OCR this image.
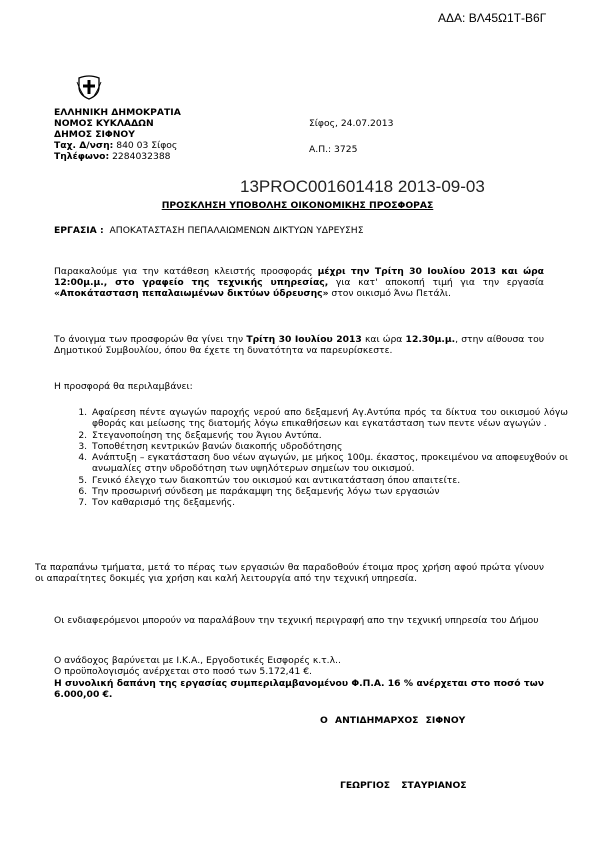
ΑΔΑ: ΒΛ45Ω1Τ-Β6Γ
ΕΛΛΗΝΙΚΗ ΔΗΜΟΚΡΑΤΙΑ
ΝΟΜΟΣ ΚΥΚΛΑΔΩΝ
ΔΗΜΟΣ ΣΙΦΝΟΥ
Ταχ. Δ/νση: 840 03 Σίφος
Τηλέφωνο: 2284032388
Σίφος, 24.07.2013
Α.Π.: 3725
13PROC001601418 2013-09-03
ΠΡΟΣΚΛΗΣΗ ΥΠΟΒΟΛΗΣ ΟΙΚΟΝΟΜΙΚΗΣ ΠΡΟΣΦΟΡΑΣ
ΕΡΓΑΣΙΑ : ΑΠΟΚΑΤΑΣΤΑΣΗ ΠΕΠΑΛΑΙΩΜΕΝΩΝ ΔΙΚΤΥΩΝ ΥΔΡΕΥΣΗΣ
Παρακαλούμε για την κατάθεση κλειστής προσφοράς μέχρι την Τρίτη 30 Ιουλίου 2013 και ώρα 12:00μ.μ., στο γραφείο της τεχνικής υπηρεσίας, για κατ' αποκοπή τιμή για την εργασία «Αποκάτασταση πεπαλαιωμένων δικτύων ύδρευσης» στον οικισμό Άνω Πετάλι.
Το άνοιγμα των προσφορών θα γίνει την Τρίτη 30 Ιουλίου 2013 και ώρα 12.30μ.μ., στην αίθουσα του Δημοτικού Συμβουλίου, όπου θα έχετε τη δυνατότητα να παρευρίσκεστε.
Η προσφορά θα περιλαμβάνει:
1. Αφαίρεση πέντε αγωγών παροχής νερού απο δεξαμενή Αγ.Αντύπα πρός τα δίκτυα του οικισμού λόγω φθοράς και μείωσης της διατομής λόγω επικαθήσεων και εγκατάσταση των πεντε νέων αγωγών .
2. Στεγανοποίηση της δεξαμενής του Άγιου Αντύπα.
3. Τοποθέτηση κεντρικών βανών διακοπής υδροδότησης
4. Ανάπτυξη – εγκατάσταση δυο νέων αγωγών, με μήκος 100μ. έκαστος, προκειμένου να αποφευχθούν οι ανωμαλίες στην υδροδότηση των υψηλότερων σημείων του οικισμού.
5. Γενικό έλεγχο των διακοπτών του οικισμού και αντικατάσταση όπου απαιτείτε.
6. Την προσωρινή σύνδεση με παράκαμψη της δεξαμενής λόγω των εργασιών
7. Τον καθαρισμό της δεξαμενής.
Τα παραπάνω τμήματα, μετά το πέρας των εργασιών θα παραδοθούν έτοιμα προς χρήση αφού πρώτα γίνουν οι απαραίτητες δοκιμές για χρήση και καλή λειτουργία από την τεχνική υπηρεσία.
Οι ενδιαφερόμενοι μπορούν να παραλάβουν την τεχνική περιγραφή απο την τεχνική υπηρεσία του Δήμου
Ο ανάδοχος βαρύνεται με Ι.Κ.Α., Εργοδοτικές Εισφορές κ.τ.λ..
Ο προϋπολογισμός ανέρχεται στο ποσό των 5.172,41 €.
Η συνολική δαπάνη της εργασίας συμπεριλαμβανομένου Φ.Π.Α. 16 % ανέρχεται στο ποσό των 6.000,00 €.
Ο ΑΝΤΙΔΗΜΑΡΧΟΣ ΣΙΦΝΟΥ
ΓΕΩΡΓΙΟΣ ΣΤΑΥΡΙΑΝΟΣ
